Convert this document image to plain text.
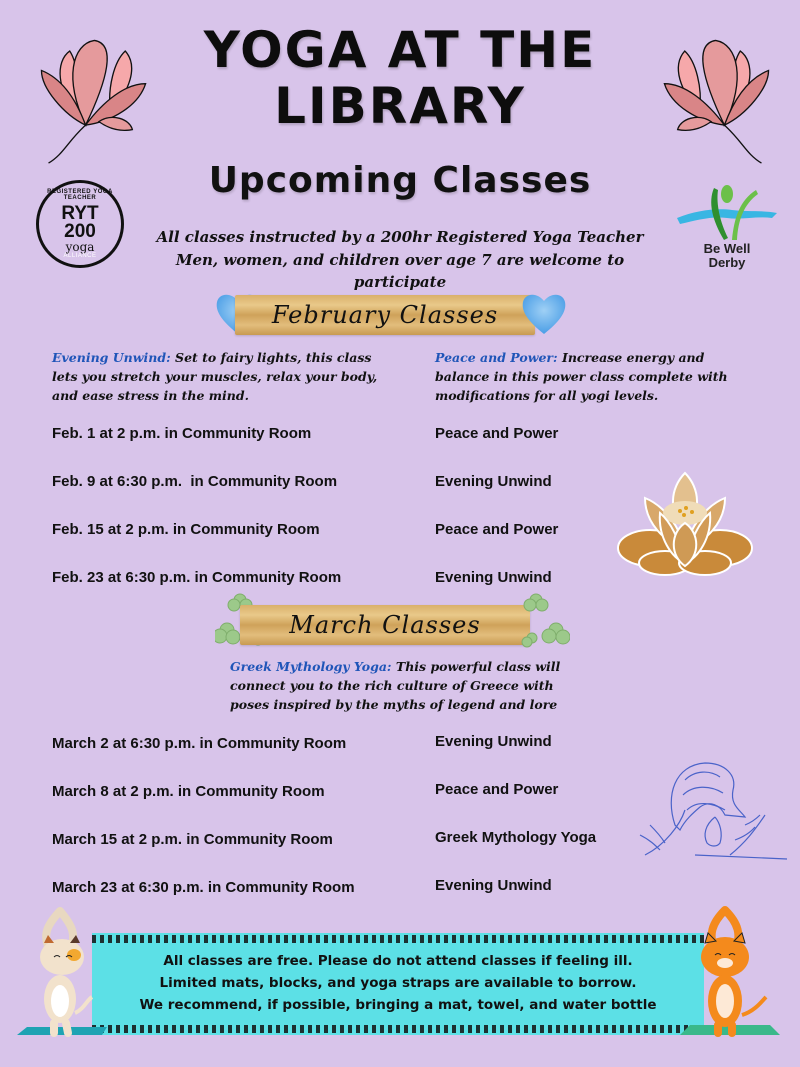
YOGA AT THE
LIBRARY
Upcoming Classes
REGISTERED YOGA TEACHER
RYT
200
yoga
ALLIANCE
All classes instructed by a 200hr Registered Yoga Teacher
Men, women, and children over age 7 are welcome to participate
Be Well
Derby
February Classes
Evening Unwind: Set to fairy lights, this class lets you stretch your muscles, relax your body, and ease stress in the mind.
Peace and Power: Increase energy and balance in this power class complete with modifications for all yogi levels.
Feb. 1 at 2 p.m. in Community Room	Peace and Power
Feb. 9 at 6:30 p.m.  in Community Room	Evening Unwind
Feb. 15 at 2 p.m. in Community Room	Peace and Power
Feb. 23 at 6:30 p.m. in Community Room	Evening Unwind
March Classes
Greek Mythology Yoga: This powerful class will connect you to the rich culture of Greece with poses inspired by the myths of legend and lore
March 2 at 6:30 p.m. in Community Room	Evening Unwind
March 8 at 2 p.m. in Community Room	Peace and Power
March 15 at 2 p.m. in Community Room	Greek Mythology Yoga
March 23 at 6:30 p.m. in Community Room	Evening Unwind
All classes are free. Please do not attend classes if feeling ill.
Limited mats, blocks, and yoga straps are available to borrow.
We recommend, if possible, bringing a mat, towel, and water bottle
